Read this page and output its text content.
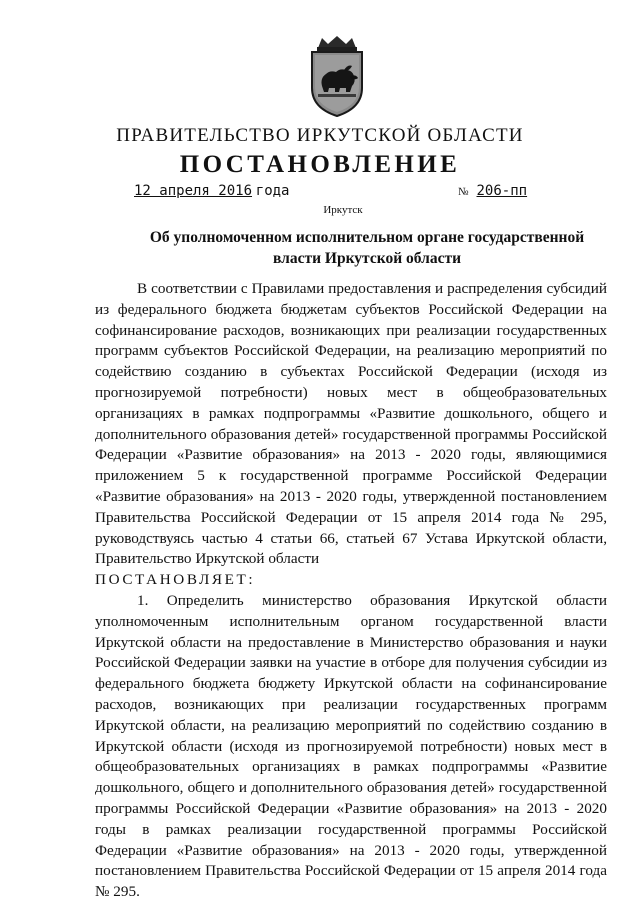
ПРАВИТЕЛЬСТВО ИРКУТСКОЙ ОБЛАСТИ
ПОСТАНОВЛЕНИЕ
12 апреля 2016 года	№ 206-пп
Иркутск
Об уполномоченном исполнительном органе государственной власти Иркутской области

В соответствии с Правилами предоставления и распределения субсидий из федерального бюджета бюджетам субъектов Российской Федерации на софинансирование расходов, возникающих при реализации государственных программ субъектов Российской Федерации, на реализацию мероприятий по содействию созданию в субъектах Российской Федерации (исходя из прогнозируемой потребности) новых мест в общеобразовательных организациях в рамках подпрограммы «Развитие дошкольного, общего и дополнительного образования детей» государственной программы Российской Федерации «Развитие образования» на 2013 - 2020 годы, являющимися приложением 5 к государственной программе Российской Федерации «Развитие образования» на 2013 - 2020 годы, утвержденной постановлением Правительства Российской Федерации от 15 апреля 2014 года № 295, руководствуясь частью 4 статьи 66, статьей 67 Устава Иркутской области, Правительство Иркутской области

ПОСТАНОВЛЯЕТ:

1. Определить министерство образования Иркутской области уполномоченным исполнительным органом государственной власти Иркутской области на предоставление в Министерство образования и науки Российской Федерации заявки на участие в отборе для получения субсидии из федерального бюджета бюджету Иркутской области на софинансирование расходов, возникающих при реализации государственных программ Иркутской области, на реализацию мероприятий по содействию созданию в Иркутской области (исходя из прогнозируемой потребности) новых мест в общеобразовательных организациях в рамках подпрограммы «Развитие дошкольного, общего и дополнительного образования детей» государственной программы Российской Федерации «Развитие образования» на 2013 - 2020 годы в рамках реализации государственной программы Российской Федерации «Развитие образования» на 2013 - 2020 годы, утвержденной постановлением Правительства Российской Федерации от 15 апреля 2014 года № 295.
